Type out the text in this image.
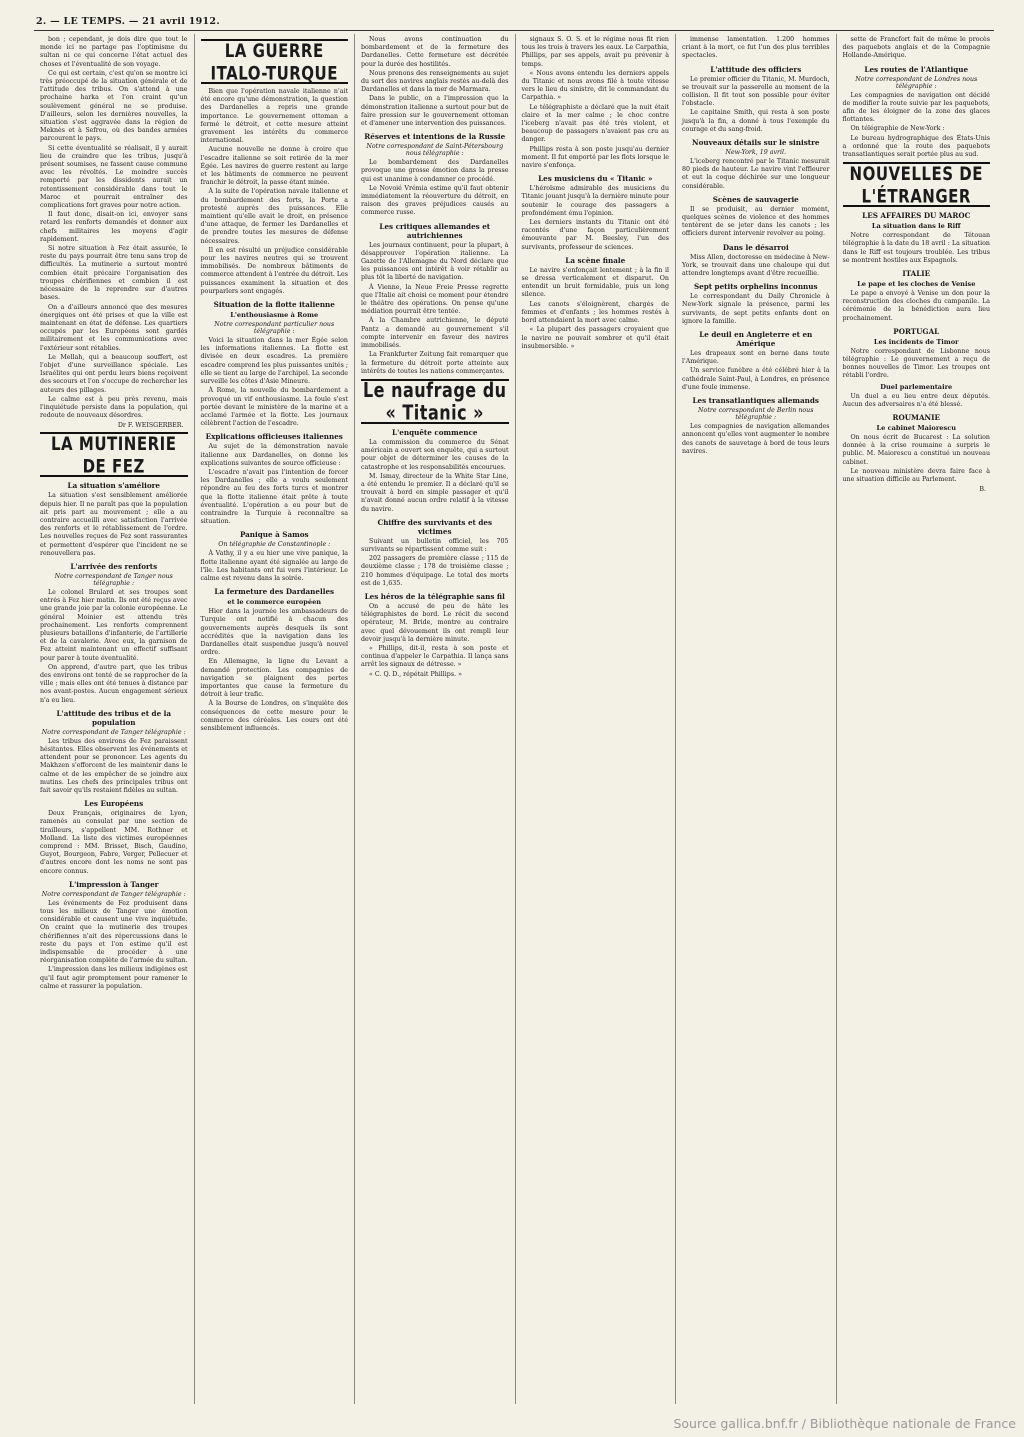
2. — LE TEMPS. — 21 avril 1912.

bon ; cependant, je dois dire que tout le monde ici ne partage pas l'optimisme du sultan ni ce qui concerne l'état actuel des choses et l'éventualité de son voyage.

Ce qui est certain, c'est qu'on se montre ici très préoccupé de la situation générale et de l'attitude des tribus. On s'attend à une prochaine harka et l'on craint qu'un soulèvement général ne se produise. D'ailleurs, selon les dernières nouvelles, la situation s'est aggravée dans la région de Meknès et à Sefrou, où des bandes armées parcourent le pays.

Si cette éventualité se réalisait, il y aurait lieu de craindre que les tribus, jusqu'à présent soumises, ne fassent cause commune avec les révoltés. Le moindre succès remporté par les dissidents aurait un retentissement considérable dans tout le Maroc et pourrait entraîner des complications fort graves pour notre action.

Il faut donc, disait-on ici, envoyer sans retard les renforts demandés et donner aux chefs militaires les moyens d'agir rapidement.

Si notre situation à Fez était assurée, le reste du pays pourrait être tenu sans trop de difficultés. La mutinerie a surtout montré combien était précaire l'organisation des troupes chérifiennes et combien il est nécessaire de la reprendre sur d'autres bases.

On a d'ailleurs annoncé que des mesures énergiques ont été prises et que la ville est maintenant en état de défense. Les quartiers occupés par les Européens sont gardés militairement et les communications avec l'extérieur sont rétablies.

Le Mellah, qui a beaucoup souffert, est l'objet d'une surveillance spéciale. Les Israélites qui ont perdu leurs biens reçoivent des secours et l'on s'occupe de rechercher les auteurs des pillages.

Le calme est à peu près revenu, mais l'inquiétude persiste dans la population, qui redoute de nouveaux désordres.

Dr F. WEISGERBER.
LA MUTINERIE DE FEZ
La situation s'améliore

La situation s'est sensiblement améliorée depuis hier. Il ne paraît pas que la population ait pris part au mouvement ; elle a au contraire accueilli avec satisfaction l'arrivée des renforts et le rétablissement de l'ordre. Les nouvelles reçues de Fez sont rassurantes et permettent d'espérer que l'incident ne se renouvellera pas.

L'arrivée des renforts
Notre correspondant de Tanger nous télégraphie :

Le colonel Brulard et ses troupes sont entrés à Fez hier matin. Ils ont été reçus avec une grande joie par la colonie européenne. Le général Moinier est attendu très prochainement. Les renforts comprennent plusieurs bataillons d'infanterie, de l'artillerie et de la cavalerie. Avec eux, la garnison de Fez atteint maintenant un effectif suffisant pour parer à toute éventualité.

On apprend, d'autre part, que les tribus des environs ont tenté de se rapprocher de la ville ; mais elles ont été tenues à distance par nos avant-postes. Aucun engagement sérieux n'a eu lieu.

L'attitude des tribus et de la population
Notre correspondant de Tanger télégraphie :

Les tribus des environs de Fez paraissent hésitantes. Elles observent les événements et attendent pour se prononcer. Les agents du Makhzen s'efforcent de les maintenir dans le calme et de les empêcher de se joindre aux mutins. Les chefs des principales tribus ont fait savoir qu'ils restaient fidèles au sultan.

Les Européens

Deux Français, originaires de Lyon, ramenés au consulat par une section de tirailleurs, s'appellent MM. Rothner et Molland. La liste des victimes européennes comprend : MM. Brisset, Bisch, Gaudino, Guyot, Bourgeon, Fabre, Verger, Pellecuer et d'autres encore dont les noms ne sont pas encore connus.

L'impression à Tanger
Notre correspondant de Tanger télégraphie :

Les événements de Fez produisent dans tous les milieux de Tanger une émotion considérable et causent une vive inquiétude. On craint que la mutinerie des troupes chérifiennes n'ait des répercussions dans le reste du pays et l'on estime qu'il est indispensable de procéder à une réorganisation complète de l'armée du sultan.

L'impression dans les milieux indigènes est qu'il faut agir promptement pour ramener le calme et rassurer la population.

LA GUERRE ITALO-TURQUE

Bien que l'opération navale italienne n'ait été encore qu'une démonstration, la question des Dardanelles a repris une grande importance. Le gouvernement ottoman a fermé le détroit, et cette mesure atteint gravement les intérêts du commerce international.

Aucune nouvelle ne donne à croire que l'escadre italienne se soit retirée de la mer Égée. Les navires de guerre restent au large et les bâtiments de commerce ne peuvent franchir le détroit, la passe étant minée.

À la suite de l'opération navale italienne et du bombardement des forts, la Porte a protesté auprès des puissances. Elle maintient qu'elle avait le droit, en présence d'une attaque, de fermer les Dardanelles et de prendre toutes les mesures de défense nécessaires.

Il en est résulté un préjudice considérable pour les navires neutres qui se trouvent immobilisés. De nombreux bâtiments de commerce attendent à l'entrée du détroit. Les puissances examinent la situation et des pourparlers sont engagés.

Situation de la flotte italienne
L'enthousiasme à Rome
Notre correspondant particulier nous télégraphie :

Voici la situation dans la mer Égée selon les informations italiennes. La flotte est divisée en deux escadres. La première escadre comprend les plus puissantes unités ; elle se tient au large de l'archipel. La seconde surveille les côtes d'Asie Mineure.

À Rome, la nouvelle du bombardement a provoqué un vif enthousiasme. La foule s'est portée devant le ministère de la marine et a acclamé l'armée et la flotte. Les journaux célèbrent l'action de l'escadre.

Explications officieuses italiennes

Au sujet de la démonstration navale italienne aux Dardanelles, on donne les explications suivantes de source officieuse :

L'escadre n'avait pas l'intention de forcer les Dardanelles ; elle a voulu seulement répondre au feu des forts turcs et montrer que la flotte italienne était prête à toute éventualité. L'opération a eu pour but de contraindre la Turquie à reconnaître sa situation.

Panique à Samos
On télégraphie de Constantinople :

À Vathy, il y a eu hier une vive panique, la flotte italienne ayant été signalée au large de l'île. Les habitants ont fui vers l'intérieur. Le calme est revenu dans la soirée.

La fermeture des Dardanelles
et le commerce européen

Hier dans la journée les ambassadeurs de Turquie ont notifié à chacun des gouvernements auprès desquels ils sont accrédités que la navigation dans les Dardanelles était suspendue jusqu'à nouvel ordre.

En Allemagne, la ligne du Levant a demandé protection. Les compagnies de navigation se plaignent des pertes importantes que cause la fermeture du détroit à leur trafic.

À la Bourse de Londres, on s'inquiète des conséquences de cette mesure pour le commerce des céréales. Les cours ont été sensiblement influencés.

Nous avons continuation du bombardement et de la fermeture des Dardanelles. Cette fermeture est décrétée pour la durée des hostilités.

Nous prenons des renseignements au sujet du sort des navires anglais restés au-delà des Dardanelles et dans la mer de Marmara.

Dans le public, on a l'impression que la démonstration italienne a surtout pour but de faire pression sur le gouvernement ottoman et d'amener une intervention des puissances.

Réserves et intentions de la Russie
Notre correspondant de Saint-Pétersbourg nous télégraphie :

Le bombardement des Dardanelles provoque une grosse émotion dans la presse qui est unanime à condamner ce procédé.

Le Novoié Vrémia estime qu'il faut obtenir immédiatement la réouverture du détroit, en raison des graves préjudices causés au commerce russe.

Les critiques allemandes et autrichiennes

Les journaux continuent, pour la plupart, à désapprouver l'opération italienne. La Gazette de l'Allemagne du Nord déclare que les puissances ont intérêt à voir rétablir au plus tôt la liberté de navigation.

À Vienne, la Neue Freie Presse regrette que l'Italie ait choisi ce moment pour étendre le théâtre des opérations. On pense qu'une médiation pourrait être tentée.

À la Chambre autrichienne, le député Pantz a demandé au gouvernement s'il compte intervenir en faveur des navires immobilisés.

La Frankfurter Zeitung fait remarquer que la fermeture du détroit porte atteinte aux intérêts de toutes les nations commerçantes.

Le naufrage du « Titanic »
L'enquête commence

La commission du commerce du Sénat américain a ouvert son enquête, qui a surtout pour objet de déterminer les causes de la catastrophe et les responsabilités encourues.

M. Ismay, directeur de la White Star Line, a été entendu le premier. Il a déclaré qu'il se trouvait à bord en simple passager et qu'il n'avait donné aucun ordre relatif à la vitesse du navire.

Chiffre des survivants et des victimes

Suivant un bulletin officiel, les 705 survivants se répartissent comme suit :

202 passagers de première classe ; 115 de deuxième classe ; 178 de troisième classe ; 210 hommes d'équipage. Le total des morts est de 1,635.

Les héros de la télégraphie sans fil

On a accusé de peu de hâte les télégraphistes de bord. Le récit du second opérateur, M. Bride, montre au contraire avec quel dévouement ils ont rempli leur devoir jusqu'à la dernière minute.

« Phillips, dit-il, resta à son poste et continua d'appeler le Carpathia. Il lança sans arrêt les signaux de détresse. »

« C. Q. D., répétait Phillips. »

signaux S. O. S. et le régime nous fit rien tous les trois à travers les eaux. Le Carpathia, Phillips, par ses appels, avait pu prévenir à temps.

« Nous avons entendu les derniers appels du Titanic et nous avons filé à toute vitesse vers le lieu du sinistre, dit le commandant du Carpathia. »

Le télégraphiste a déclaré que la nuit était claire et la mer calme ; le choc contre l'iceberg n'avait pas été très violent, et beaucoup de passagers n'avaient pas cru au danger.

Phillips resta à son poste jusqu'au dernier moment. Il fut emporté par les flots lorsque le navire s'enfonça.

Les musiciens du « Titanic »

L'héroïsme admirable des musiciens du Titanic jouant jusqu'à la dernière minute pour soutenir le courage des passagers a profondément ému l'opinion.

Les derniers instants du Titanic ont été racontés d'une façon particulièrement émouvante par M. Beesley, l'un des survivants, professeur de sciences.

La scène finale

Le navire s'enfonçait lentement ; à la fin il se dressa verticalement et disparut. On entendit un bruit formidable, puis un long silence.

Les canots s'éloignèrent, chargés de femmes et d'enfants ; les hommes restés à bord attendaient la mort avec calme.

« La plupart des passagers croyaient que le navire ne pouvait sombrer et qu'il était insubmersible. »

immense lamentation. 1.200 hommes criant à la mort, ce fut l'un des plus terribles spectacles.

L'attitude des officiers

Le premier officier du Titanic, M. Murdoch, se trouvait sur la passerelle au moment de la collision. Il fit tout son possible pour éviter l'obstacle.

Le capitaine Smith, qui resta à son poste jusqu'à la fin, a donné à tous l'exemple du courage et du sang-froid.

Nouveaux détails sur le sinistre
New-York, 19 avril.

L'iceberg rencontré par le Titanic mesurait 80 pieds de hauteur. Le navire vint l'effleurer et eut la coque déchirée sur une longueur considérable.

Scènes de sauvagerie

Il se produisit, au dernier moment, quelques scènes de violence et des hommes tentèrent de se jeter dans les canots ; les officiers durent intervenir revolver au poing.

Dans le désarroi

Miss Allen, doctoresse en médecine à New-York, se trouvait dans une chaloupe qui dut attendre longtemps avant d'être recueillie.

Sept petits orphelins inconnus

Le correspondant du Daily Chronicle à New-York signale la présence, parmi les survivants, de sept petits enfants dont on ignore la famille.

Le deuil en Angleterre et en Amérique

Les drapeaux sont en berne dans toute l'Amérique.

Un service funèbre a été célébré hier à la cathédrale Saint-Paul, à Londres, en présence d'une foule immense.

Les transatlantiques allemands
Notre correspondant de Berlin nous télégraphie :

Les compagnies de navigation allemandes annoncent qu'elles vont augmenter le nombre des canots de sauvetage à bord de tous leurs navires.

sette de Francfort fait de même le procès des paquebots anglais et de la Compagnie Hollande-Amérique.

Les routes de l'Atlantique
Notre correspondant de Londres nous télégraphie :

Les compagnies de navigation ont décidé de modifier la route suivie par les paquebots, afin de les éloigner de la zone des glaces flottantes.

On télégraphie de New-York :

Le bureau hydrographique des États-Unis a ordonné que la route des paquebots transatlantiques serait portée plus au sud.

NOUVELLES DE L'ÉTRANGER
LES AFFAIRES DU MAROC
La situation dans le Riff

Notre correspondant de Tétouan télégraphie à la date du 18 avril : La situation dans le Riff est toujours troublée. Les tribus se montrent hostiles aux Espagnols.

ITALIE
Le pape et les cloches de Venise

Le pape a envoyé à Venise un don pour la reconstruction des cloches du campanile. La cérémonie de la bénédiction aura lieu prochainement.

PORTUGAL
Les incidents de Timor

Notre correspondant de Lisbonne nous télégraphie : Le gouvernement a reçu de bonnes nouvelles de Timor. Les troupes ont rétabli l'ordre.

Duel parlementaire

Un duel a eu lieu entre deux députés. Aucun des adversaires n'a été blessé.

ROUMANIE
Le cabinet Maiorescu

On nous écrit de Bucarest : La solution donnée à la crise roumaine a surpris le public. M. Maiorescu a constitué un nouveau cabinet.

Le nouveau ministère devra faire face à une situation difficile au Parlement.

B.
Source gallica.bnf.fr / Bibliothèque nationale de France
